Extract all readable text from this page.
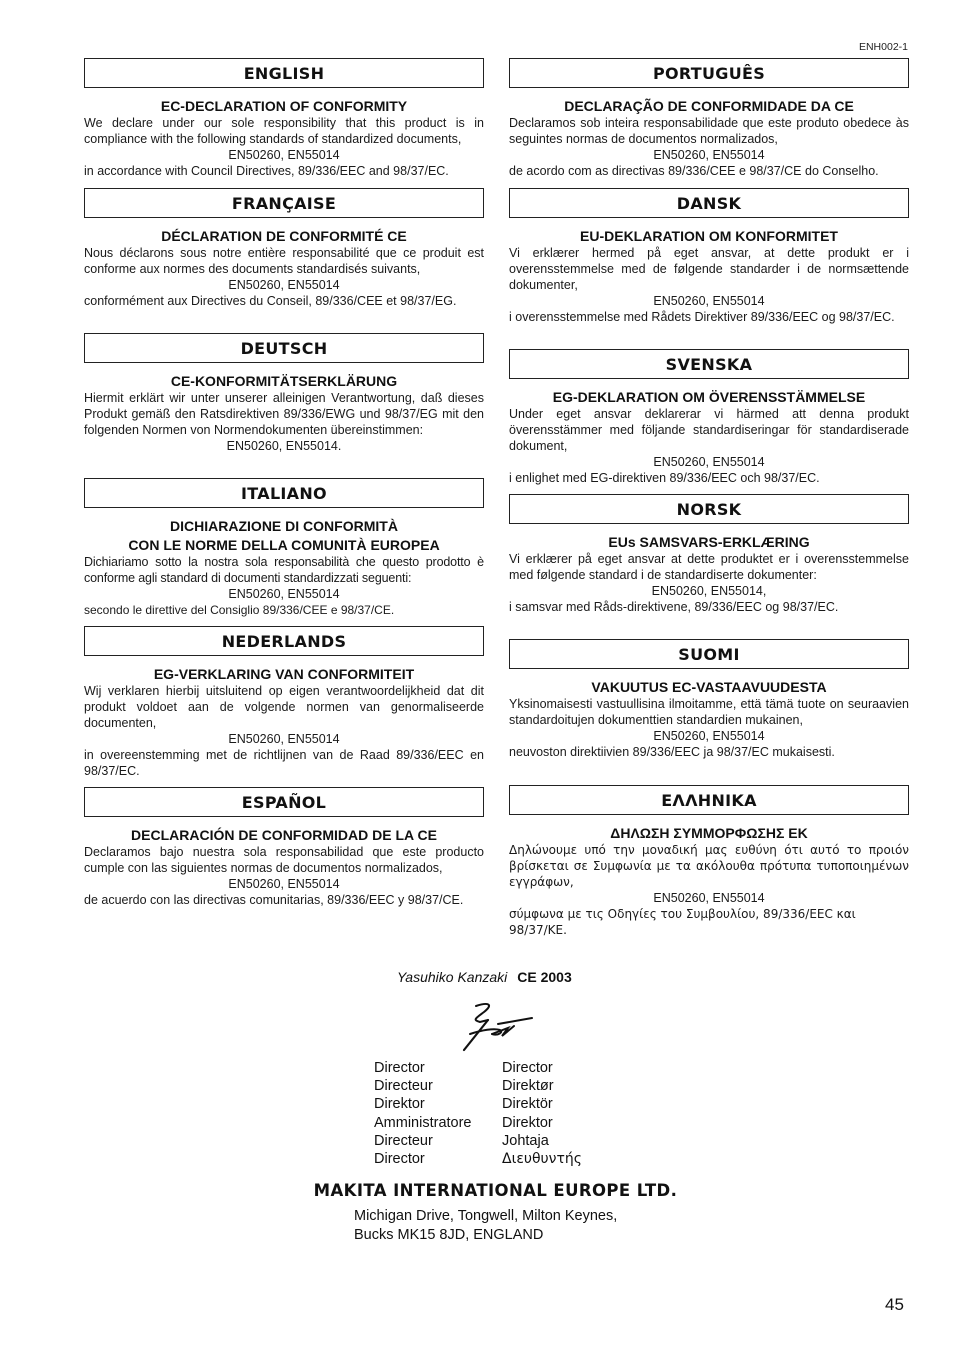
ENH002-1
ENGLISH
EC-DECLARATION OF CONFORMITY
We declare under our sole responsibility that this product is in compliance with the following standards of standardized documents,
EN50260, EN55014
in accordance with Council Directives, 89/336/EEC and 98/37/EC.
FRANÇAISE
DÉCLARATION DE CONFORMITÉ CE
Nous déclarons sous notre entière responsabilité que ce produit est conforme aux normes des documents standardisés suivants,
EN50260, EN55014
conformément aux Directives du Conseil, 89/336/CEE et 98/37/EG.
DEUTSCH
CE-KONFORMITÄTSERKLÄRUNG
Hiermit erklärt wir unter unserer alleinigen Verantwortung, daß dieses Produkt gemäß den Ratsdirektiven 89/336/EWG und 98/37/EG mit den folgenden Normen von Normendokumenten übereinstimmen:
EN50260, EN55014.
ITALIANO
DICHIARAZIONE DI CONFORMITÀ
CON LE NORME DELLA COMUNITÀ EUROPEA
Dichiariamo sotto la nostra sola responsabilità che questo prodotto è conforme agli standard di documenti standardizzati seguenti:
EN50260, EN55014
secondo le direttive del Consiglio 89/336/CEE e 98/37/CE.
NEDERLANDS
EG-VERKLARING VAN CONFORMITEIT
Wij verklaren hierbij uitsluitend op eigen verantwoordelijkheid dat dit produkt voldoet aan de volgende normen van genormaliseerde documenten,
EN50260, EN55014
in overeenstemming met de richtlijnen van de Raad 89/336/EEC en 98/37/EC.
ESPAÑOL
DECLARACIÓN DE CONFORMIDAD DE LA CE
Declaramos bajo nuestra sola responsabilidad que este producto cumple con las siguientes normas de documentos normalizados,
EN50260, EN55014
de acuerdo con las directivas comunitarias, 89/336/EEC y 98/37/CE.
PORTUGUÊS
DECLARAÇÃO DE CONFORMIDADE DA CE
Declaramos sob inteira responsabilidade que este produto obedece às seguintes normas de documentos normalizados,
EN50260, EN55014
de acordo com as directivas 89/336/CEE e 98/37/CE do Conselho.
DANSK
EU-DEKLARATION OM KONFORMITET
Vi erklærer hermed på eget ansvar, at dette produkt er i overensstemmelse med de følgende standarder i de normsættende dokumenter,
EN50260, EN55014
i overensstemmelse med Rådets Direktiver 89/336/EEC og 98/37/EC.
SVENSKA
EG-DEKLARATION OM ÖVERENSSTÄMMELSE
Under eget ansvar deklarerar vi härmed att denna produkt överensstämmer med följande standardiseringar för standardiserade dokument,
EN50260, EN55014
i enlighet med EG-direktiven 89/336/EEC och 98/37/EC.
NORSK
EUs SAMSVARS-ERKLÆRING
Vi erklærer på eget ansvar at dette produktet er i overensstemmelse med følgende standard i de standardiserte dokumenter:
EN50260, EN55014,
i samsvar med Råds-direktivene, 89/336/EEC og 98/37/EC.
SUOMI
VAKUUTUS EC-VASTAAVUUDESTA
Yksinomaisesti vastuullisina ilmoitamme, että tämä tuote on seuraavien standardoitujen dokumenttien standardien mukainen,
EN50260, EN55014
neuvoston direktiivien 89/336/EEC ja 98/37/EC mukaisesti.
ΕΛΛΗΝΙΚΑ
ΔΗΛΩΣΗ ΣΥΜΜΟΡΦΩΣΗΣ ΕΚ
Δηλώνουμε υπό την μοναδική μας ευθύνη ότι αυτό το προιόν βρίσκεται σε Συμφωνία με τα ακόλουθα πρότυπα τυποποιημένων εγγράφων,
EN50260, EN55014
σύμφωνα με τις Οδηγίες του Συμβουλίου, 89/336/EEC και 98/37/KE.
Yasuhiko Kanzaki CE 2003
Director
Directeur
Direktor
Amministratore
Directeur
Director
Director
Direktør
Direktör
Direktor
Johtaja
Διευθυντής
MAKITA INTERNATIONAL EUROPE LTD.
Michigan Drive, Tongwell, Milton Keynes,
Bucks MK15 8JD, ENGLAND
45
